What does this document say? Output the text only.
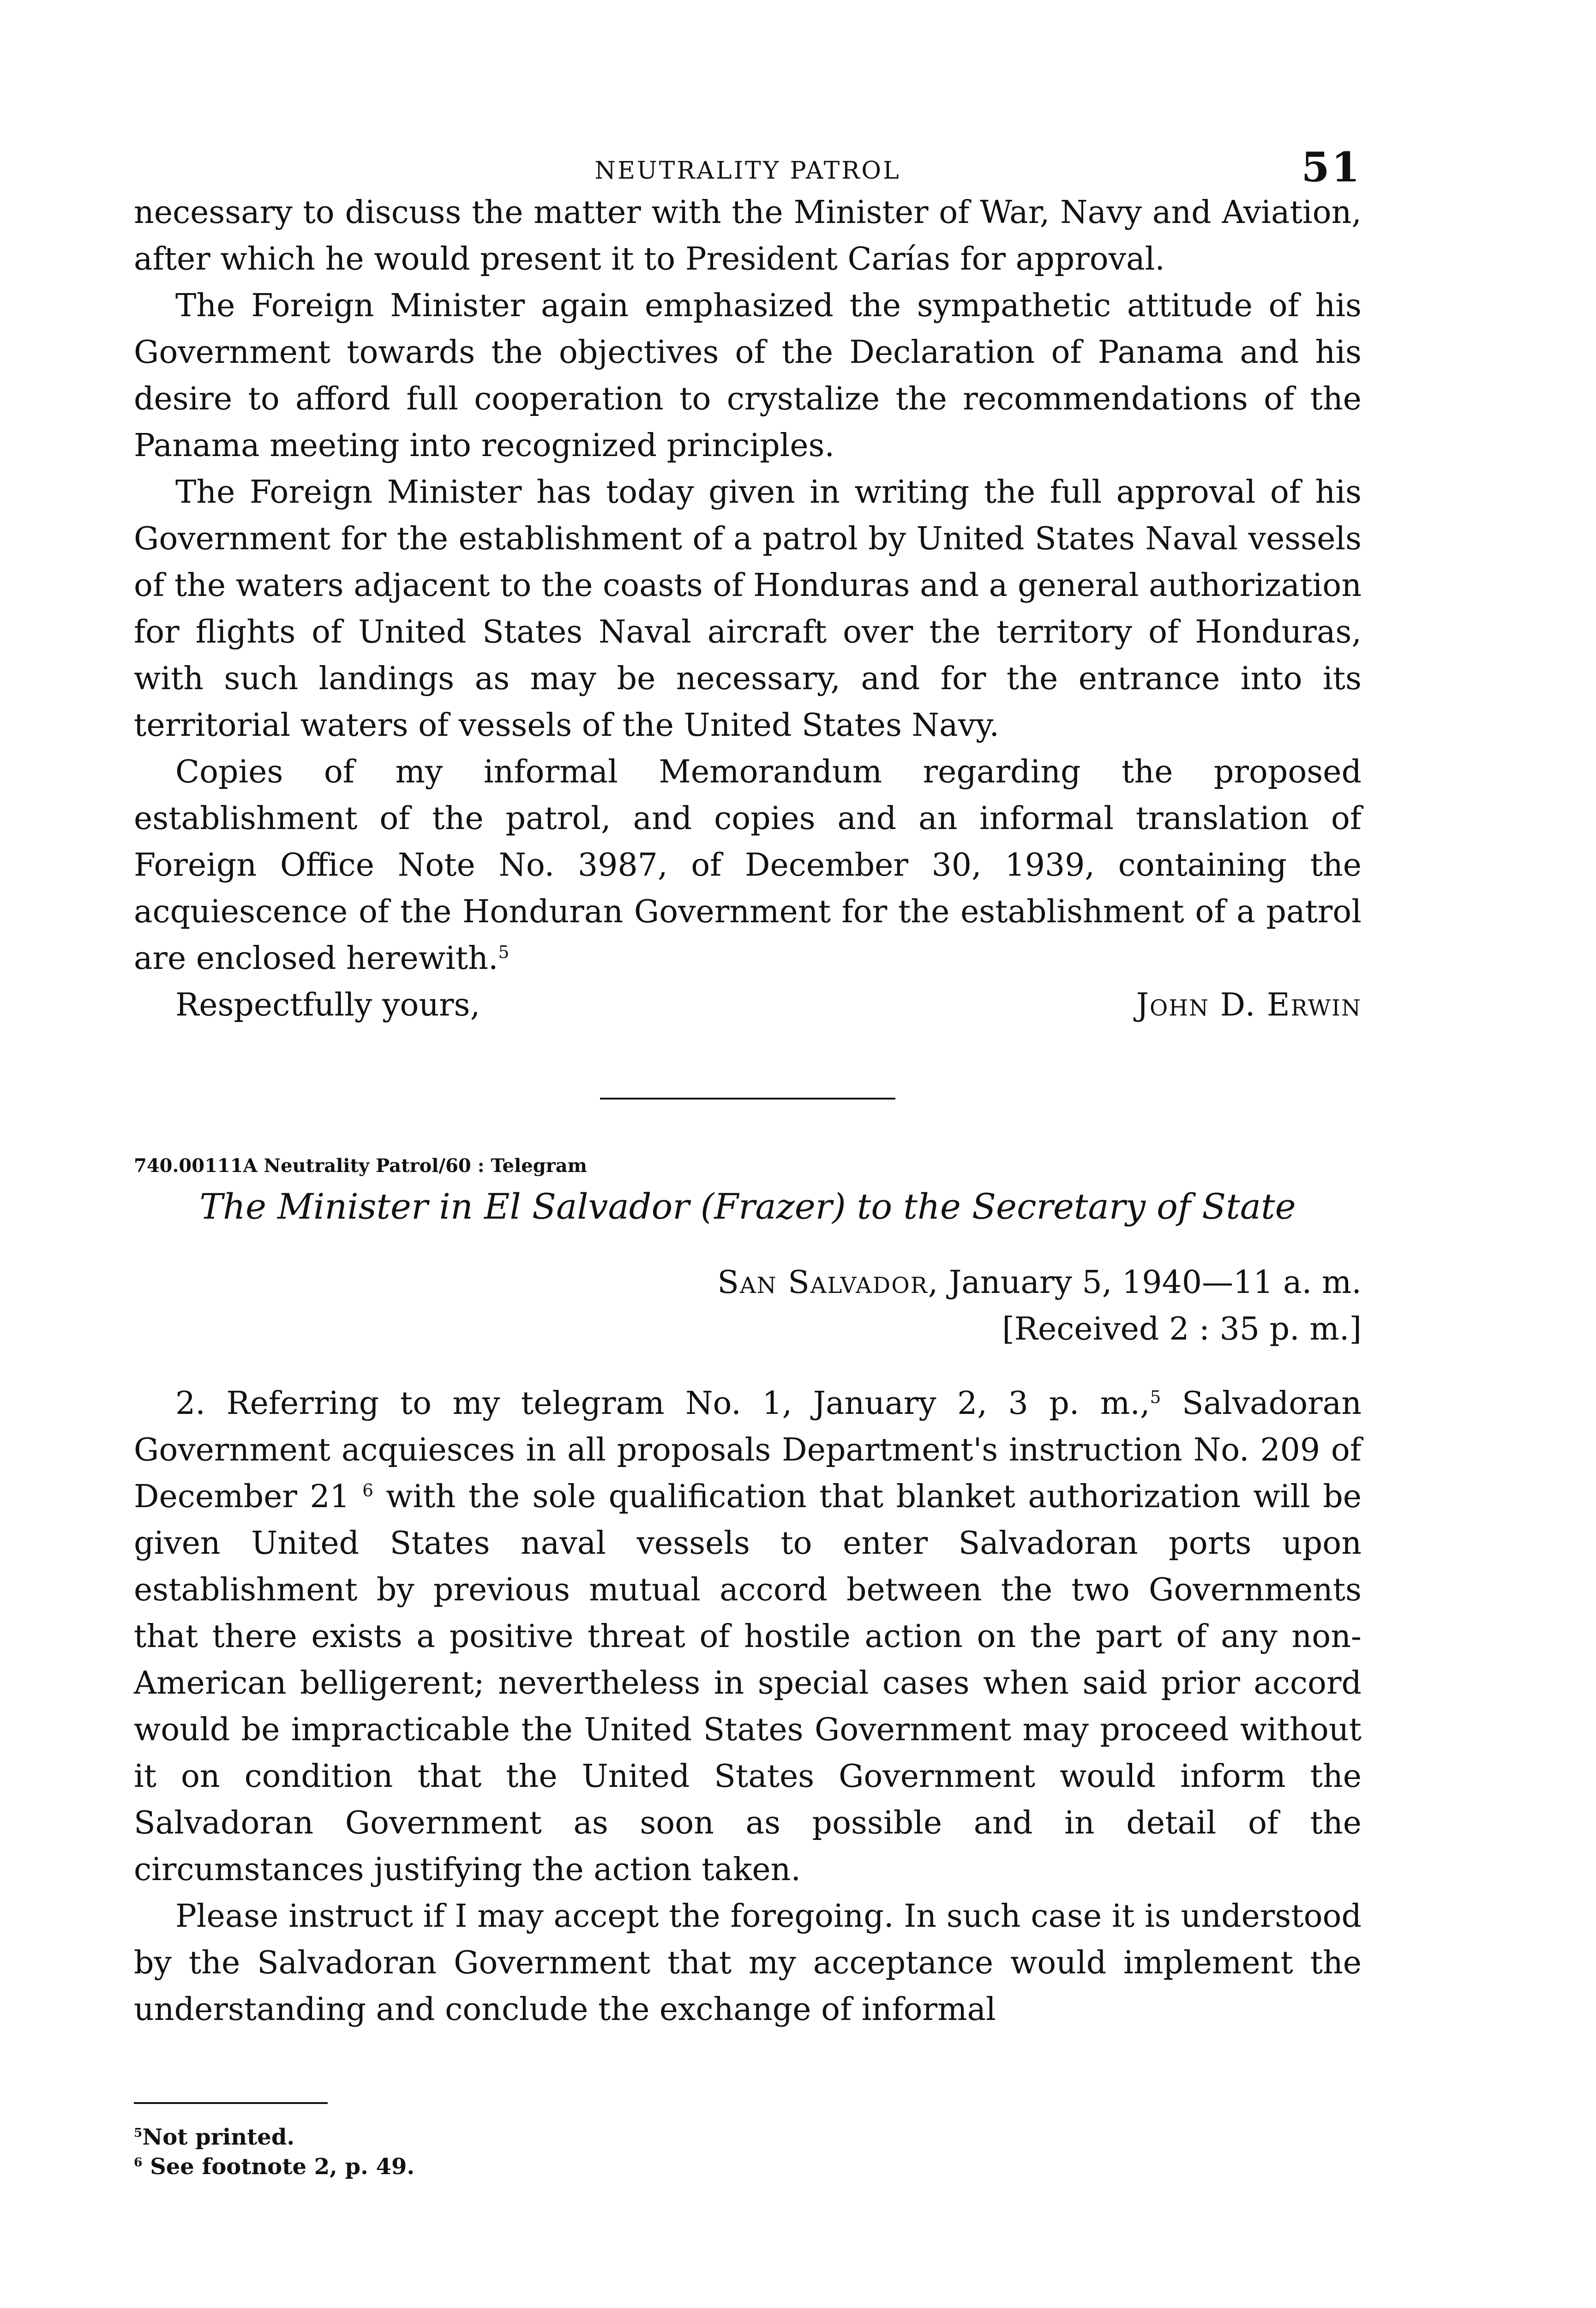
NEUTRALITY PATROL	51

necessary to discuss the matter with the Minister of War, Navy and Aviation, after which he would present it to President Carías for approval.

The Foreign Minister again emphasized the sympathetic attitude of his Government towards the objectives of the Declaration of Panama and his desire to afford full cooperation to crystalize the recommendations of the Panama meeting into recognized principles.

The Foreign Minister has today given in writing the full approval of his Government for the establishment of a patrol by United States Naval vessels of the waters adjacent to the coasts of Honduras and a general authorization for flights of United States Naval aircraft over the territory of Honduras, with such landings as may be necessary, and for the entrance into its territorial waters of vessels of the United States Navy.

Copies of my informal Memorandum regarding the proposed establishment of the patrol, and copies and an informal translation of Foreign Office Note No. 3987, of December 30, 1939, containing the acquiescence of the Honduran Government for the establishment of a patrol are enclosed herewith.$^5$

Respectfully yours,	John D. Erwin
740.00111A Neutrality Patrol/60 : Telegram
The Minister in El Salvador (Frazer) to the Secretary of State
San Salvador, January 5, 1940—11 a. m.
[Received 2 : 35 p. m.]

2. Referring to my telegram No. 1, January 2, 3 p. m.,$^5$ Salvadoran Government acquiesces in all proposals Department's instruction No. 209 of December 21 $^6$ with the sole qualification that blanket authorization will be given United States naval vessels to enter Salvadoran ports upon establishment by previous mutual accord between the two Governments that there exists a positive threat of hostile action on the part of any non-American belligerent; nevertheless in special cases when said prior accord would be impracticable the United States Government may proceed without it on condition that the United States Government would inform the Salvadoran Government as soon as possible and in detail of the circumstances justifying the action taken.

Please instruct if I may accept the foregoing. In such case it is understood by the Salvadoran Government that my acceptance would implement the understanding and conclude the exchange of informal

$^5$Not printed.
$^6$ See footnote 2, p. 49.
